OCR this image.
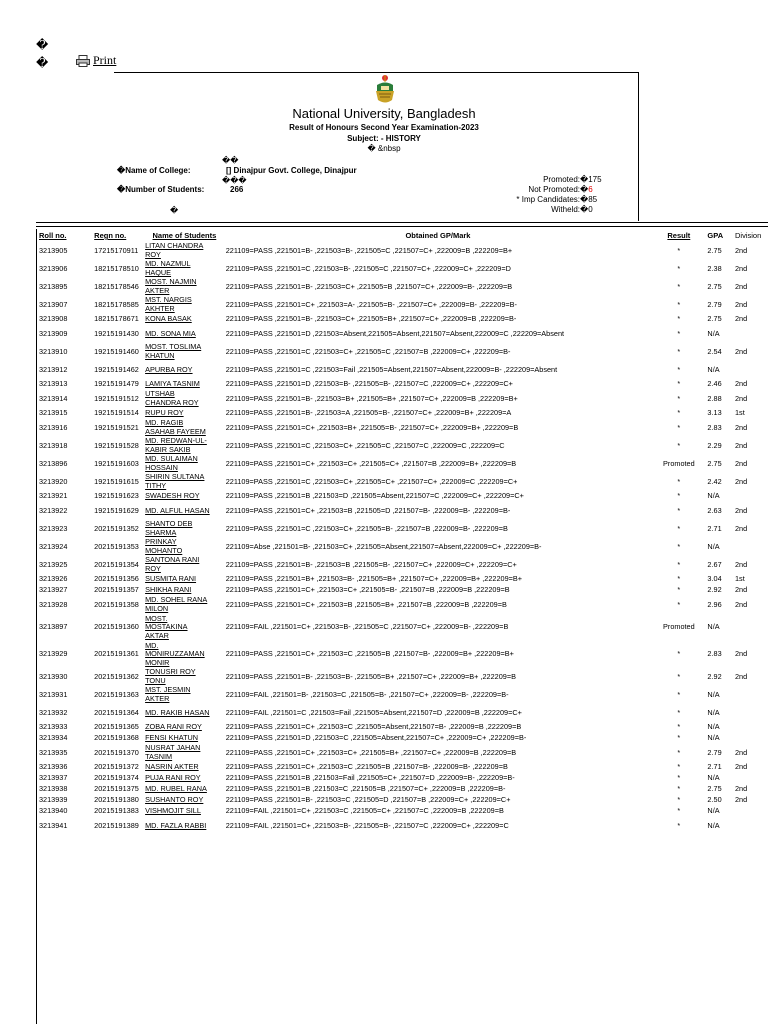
�
�	Print
National University, Bangladesh
Result of Honours Second Year Examination-2023
Subject: - HISTORY
� &nbsp
�Name of College:
��
[] Dinajpur Govt. College, Dinajpur
���
�Number of Students:	266
�
Promoted: �175
Not Promoted: �6
* Imp Candidates: �85
Witheld: �0
Roll no.	Regn no.	Name of Students	Obtained GP/Mark	Result	GPA	Division
3213905	17215170911	LITAN CHANDRA ROY	221109=PASS ,221501=B- ,221503=B- ,221505=C ,221507=C+ ,222009=B ,222209=B+	*	2.75	2nd
3213906	18215178510	MD. NAZMUL HAQUE	221109=PASS ,221501=C ,221503=B- ,221505=C ,221507=C+ ,222009=C+ ,222209=D	*	2.38	2nd
3213895	18215178546	MOST. NAJMIN AKTER	221109=PASS ,221501=B- ,221503=C+ ,221505=B ,221507=C+ ,222009=B- ,222209=B	*	2.75	2nd
3213907	18215178585	MST. NARGIS AKHTER	221109=PASS ,221501=C+ ,221503=A- ,221505=B- ,221507=C+ ,222009=B- ,222209=B-	*	2.79	2nd
3213908	18215178671	KONA BASAK	221109=PASS ,221501=B- ,221503=C+ ,221505=B+ ,221507=C+ ,222009=B ,222209=B-	*	2.75	2nd
3213909	19215191430	MD. SONA MIA	221109=PASS ,221501=D ,221503=Absent,221505=Absent,221507=Absent,222009=C ,222209=Absent	*	N/A	
3213910	19215191460	MOST. TOSLIMA KHATUN	221109=PASS ,221501=C ,221503=C+ ,221505=C ,221507=B ,222009=C+ ,222209=B-	*	2.54	2nd
3213912	19215191462	APURBA ROY	221109=PASS ,221501=C ,221503=Fail ,221505=Absent,221507=Absent,222009=B- ,222209=Absent	*	N/A	
3213913	19215191479	LAMIYA TASNIM	221109=PASS ,221501=D ,221503=B- ,221505=B- ,221507=C ,222009=C+ ,222209=C+	*	2.46	2nd
3213914	19215191512	UTSHAB CHANDRA ROY	221109=PASS ,221501=B- ,221503=B+ ,221505=B+ ,221507=C+ ,222009=B ,222209=B+	*	2.88	2nd
3213915	19215191514	RUPU ROY	221109=PASS ,221501=B- ,221503=A ,221505=B- ,221507=C+ ,222009=B+ ,222209=A	*	3.13	1st
3213916	19215191521	MD. RAGIB ASAHAB FAYEEM	221109=PASS ,221501=C+ ,221503=B+ ,221505=B- ,221507=C+ ,222009=B+ ,222209=B	*	2.83	2nd
3213918	19215191528	MD. REDWAN-UL-KABIR SAKIB	221109=PASS ,221501=C ,221503=C+ ,221505=C ,221507=C ,222009=C ,222209=C	*	2.29	2nd
3213896	19215191603	MD. SULAIMAN HOSSAIN	221109=PASS ,221501=C+ ,221503=C+ ,221505=C+ ,221507=B ,222009=B+ ,222209=B	Promoted	2.75	2nd
3213920	19215191615	SHIRIN SULTANA TITHY	221109=PASS ,221501=C ,221503=C+ ,221505=C+ ,221507=C+ ,222009=C ,222209=C+	*	2.42	2nd
3213921	19215191623	SWADESH ROY	221109=PASS ,221501=B ,221503=D ,221505=Absent,221507=C ,222009=C+ ,222209=C+	*	N/A	
3213922	19215191629	MD. ALFUL HASAN	221109=PASS ,221501=C+ ,221503=B ,221505=D ,221507=B- ,222009=B- ,222209=B-	*	2.63	2nd
3213923	20215191352	SHANTO DEB SHARMA	221109=PASS ,221501=C ,221503=C+ ,221505=B- ,221507=B ,222009=B- ,222209=B	*	2.71	2nd
3213924	20215191353	PRINKAY MOHANTO	221109=Abse ,221501=B- ,221503=C+ ,221505=Absent,221507=Absent,222009=C+ ,222209=B-	*	N/A	
3213925	20215191354	SANTONA RANI ROY	221109=PASS ,221501=B- ,221503=B ,221505=B- ,221507=C+ ,222009=C+ ,222209=C+	*	2.67	2nd
3213926	20215191356	SUSMITA RANI	221109=PASS ,221501=B+ ,221503=B- ,221505=B+ ,221507=C+ ,222009=B+ ,222209=B+	*	3.04	1st
3213927	20215191357	SHIKHA RANI	221109=PASS ,221501=C+ ,221503=C+ ,221505=B- ,221507=B ,222009=B ,222209=B	*	2.92	2nd
3213928	20215191358	MD. SOHEL RANA MILON	221109=PASS ,221501=C+ ,221503=B ,221505=B+ ,221507=B ,222009=B ,222209=B	*	2.96	2nd
3213897	20215191360	MOST. MOSTAKINA AKTAR	221109=FAIL ,221501=C+ ,221503=B- ,221505=C ,221507=C+ ,222009=B- ,222209=B	Promoted	N/A	
3213929	20215191361	MD. MONIRUZZAMAN MONIR	221109=PASS ,221501=C+ ,221503=C ,221505=B ,221507=B- ,222009=B+ ,222209=B+	*	2.83	2nd
3213930	20215191362	TONUSRI ROY TONU	221109=PASS ,221501=B- ,221503=B- ,221505=B+ ,221507=C+ ,222009=B+ ,222209=B	*	2.92	2nd
3213931	20215191363	MST. JESMIN AKTER	221109=FAIL ,221501=B- ,221503=C ,221505=B- ,221507=C+ ,222009=B- ,222209=B-	*	N/A	
3213932	20215191364	MD. RAKIB HASAN	221109=FAIL ,221501=C ,221503=Fail ,221505=Absent,221507=D ,222009=B ,222209=C+	*	N/A	
3213933	20215191365	ZOBA RANI ROY	221109=PASS ,221501=C+ ,221503=C ,221505=Absent,221507=B- ,222009=B ,222209=B	*	N/A	
3213934	20215191368	FENSI KHATUN	221109=PASS ,221501=D ,221503=C ,221505=Absent,221507=C+ ,222009=C+ ,222209=B-	*	N/A	
3213935	20215191370	NUSRAT JAHAN TASNIM	221109=PASS ,221501=C+ ,221503=C+ ,221505=B+ ,221507=C+ ,222009=B ,222209=B	*	2.79	2nd
3213936	20215191372	NASRIN AKTER	221109=PASS ,221501=C+ ,221503=C ,221505=B ,221507=B- ,222009=B- ,222209=B	*	2.71	2nd
3213937	20215191374	PUJA RANI ROY	221109=PASS ,221501=B ,221503=Fail ,221505=C+ ,221507=D ,222009=B- ,222209=B-	*	N/A	
3213938	20215191375	MD. RUBEL RANA	221109=PASS ,221501=B ,221503=C ,221505=B ,221507=C+ ,222009=B ,222209=B-	*	2.75	2nd
3213939	20215191380	SUSHANTO ROY	221109=PASS ,221501=B- ,221503=C ,221505=D ,221507=B ,222009=C+ ,222209=C+	*	2.50	2nd
3213940	20215191383	VISHMOJIT SILL	221109=FAIL ,221501=C+ ,221503=C ,221505=C+ ,221507=C ,222009=B ,222209=B	*	N/A	
3213941	20215191389	MD. FAZLA RABBI	221109=FAIL ,221501=C+ ,221503=B- ,221505=B- ,221507=C ,222009=C+ ,222209=C	*	N/A	
